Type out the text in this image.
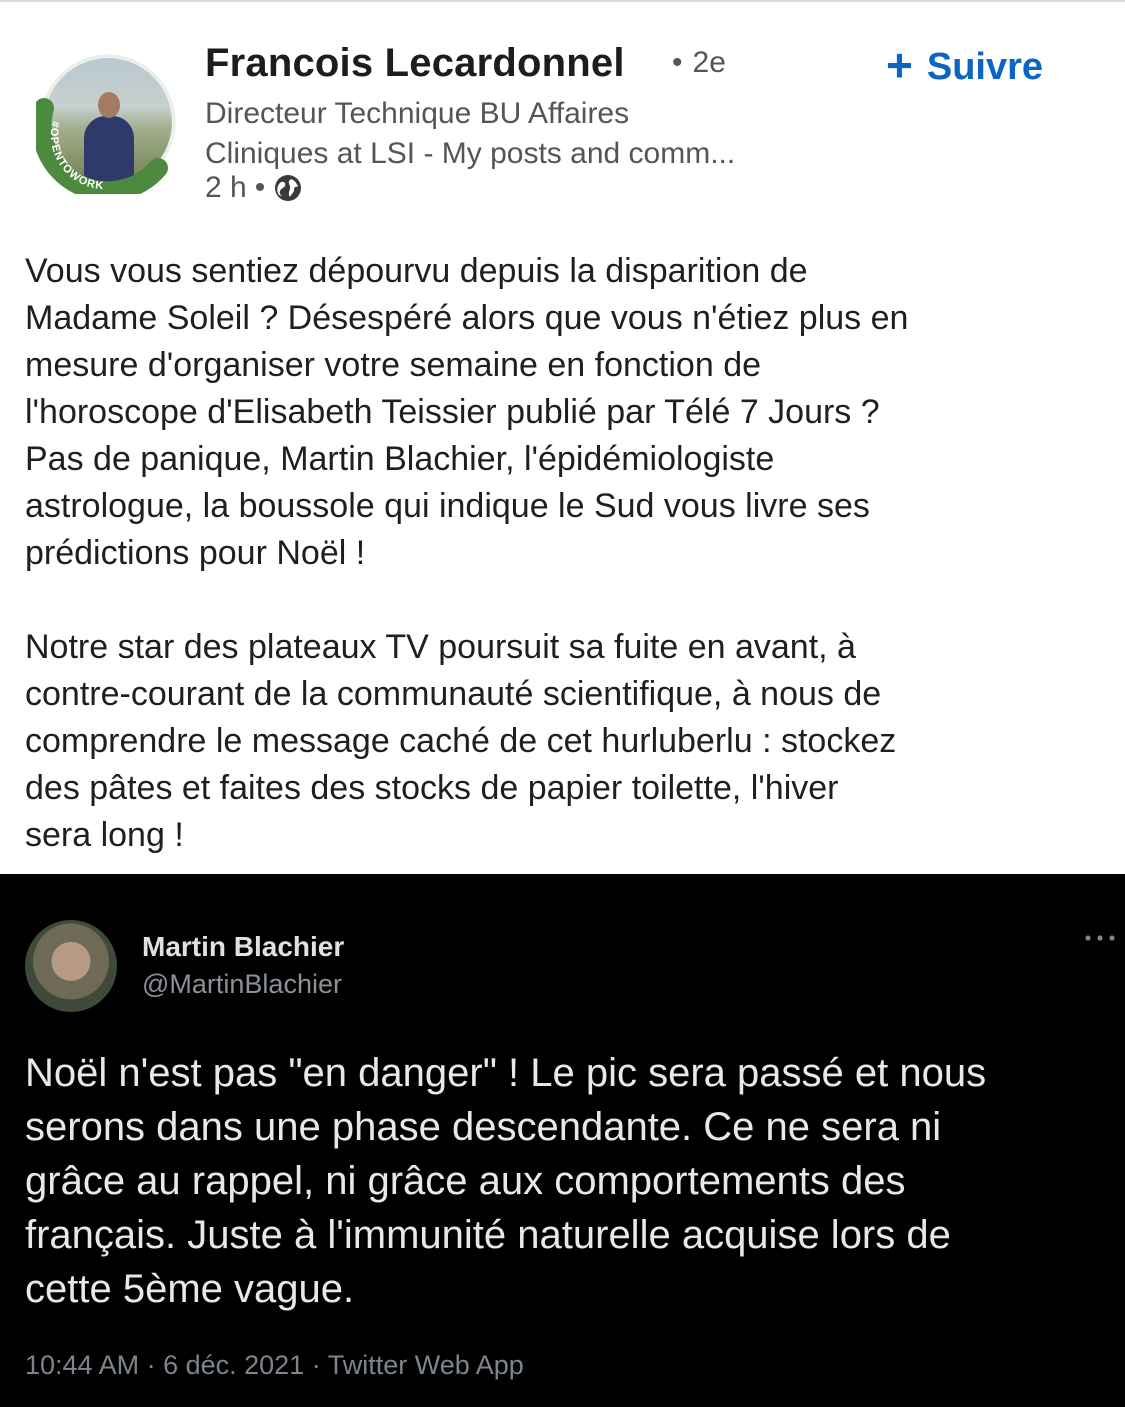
#OPENTOWORK
Francois Lecardonnel • 2e	+ Suivre
Directeur Technique BU Affaires
Cliniques at LSI - My posts and comm...
2 h •

Vous vous sentiez dépourvu depuis la disparition de
Madame Soleil ? Désespéré alors que vous n'étiez plus en
mesure d'organiser votre semaine en fonction de
l'horoscope d'Elisabeth Teissier publié par Télé 7 Jours ?
Pas de panique, Martin Blachier, l'épidémiologiste
astrologue, la boussole qui indique le Sud vous livre ses
prédictions pour Noël !

Notre star des plateaux TV poursuit sa fuite en avant, à
contre-courant de la communauté scientifique, à nous de
comprendre le message caché de cet hurluberlu : stockez
des pâtes et faites des stocks de papier toilette, l'hiver
sera long !

Martin Blachier
@MartinBlachier
Noël n'est pas "en danger" ! Le pic sera passé et nous
serons dans une phase descendante. Ce ne sera ni
grâce au rappel, ni grâce aux comportements des
français. Juste à l'immunité naturelle acquise lors de
cette 5ème vague.
10:44 AM · 6 déc. 2021 · Twitter Web App
